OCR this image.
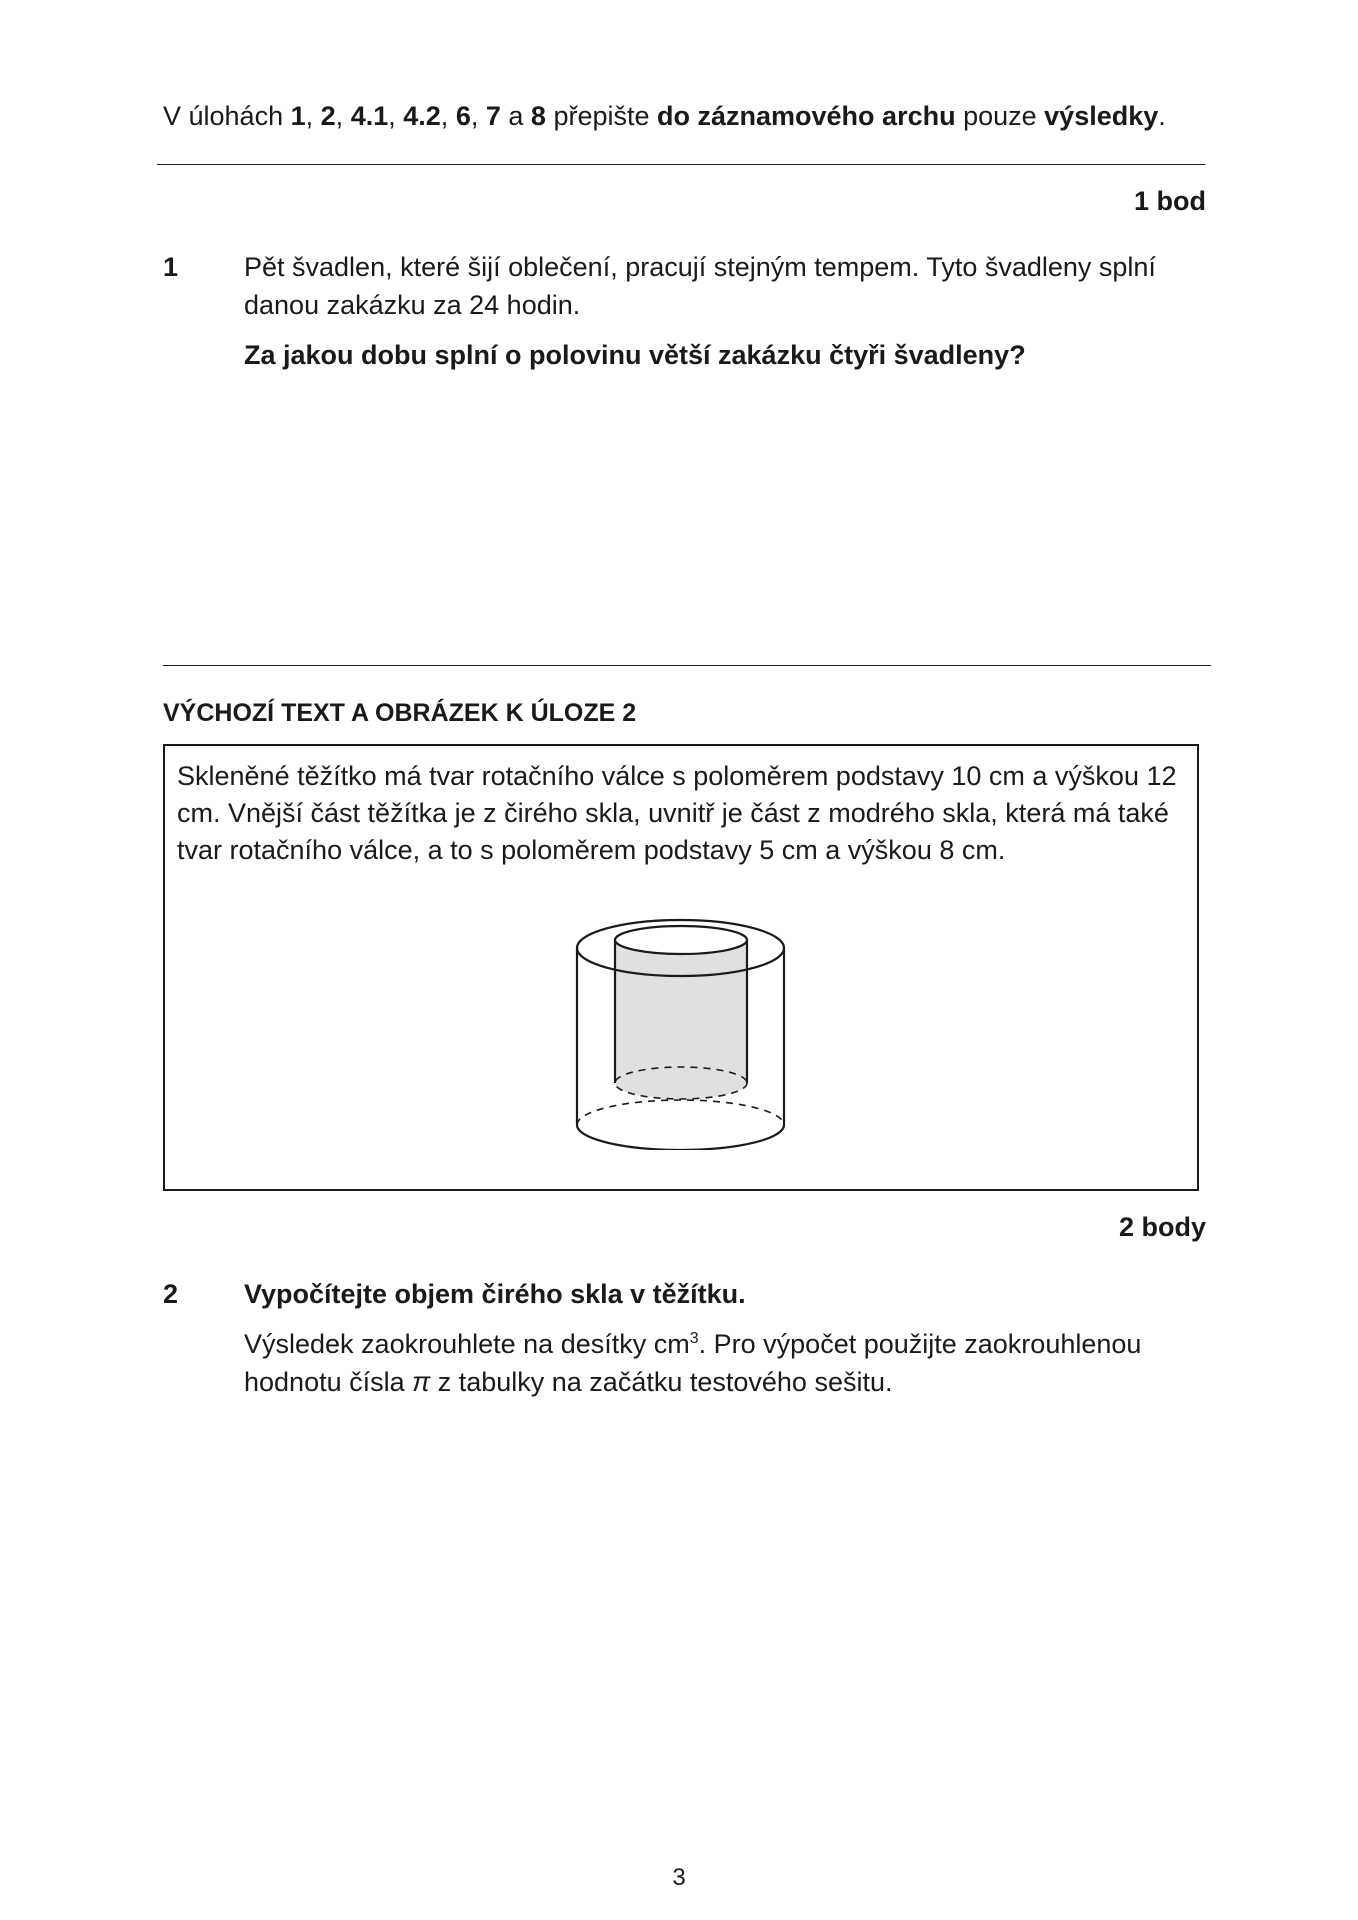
V úlohách 1, 2, 4.1, 4.2, 6, 7 a 8 přepište do záznamového archu pouze výsledky.
1 bod
1 Pět švadlen, které šijí oblečení, pracují stejným tempem. Tyto švadleny splní danou zakázku za 24 hodin.
Za jakou dobu splní o polovinu větší zakázku čtyři švadleny?
VÝCHOZÍ TEXT A OBRÁZEK K ÚLOZE 2
Skleněné těžítko má tvar rotačního válce s poloměrem podstavy 10 cm a výškou 12 cm. Vnější část těžítka je z čirého skla, uvnitř je část z modrého skla, která má také tvar rotačního válce, a to s poloměrem podstavy 5 cm a výškou 8 cm.
2 body
2 Vypočítejte objem čirého skla v těžítku.
Výsledek zaokrouhlete na desítky $cm^3$. Pro výpočet použijte zaokrouhlenou hodnotu čísla π z tabulky na začátku testového sešitu.
3
